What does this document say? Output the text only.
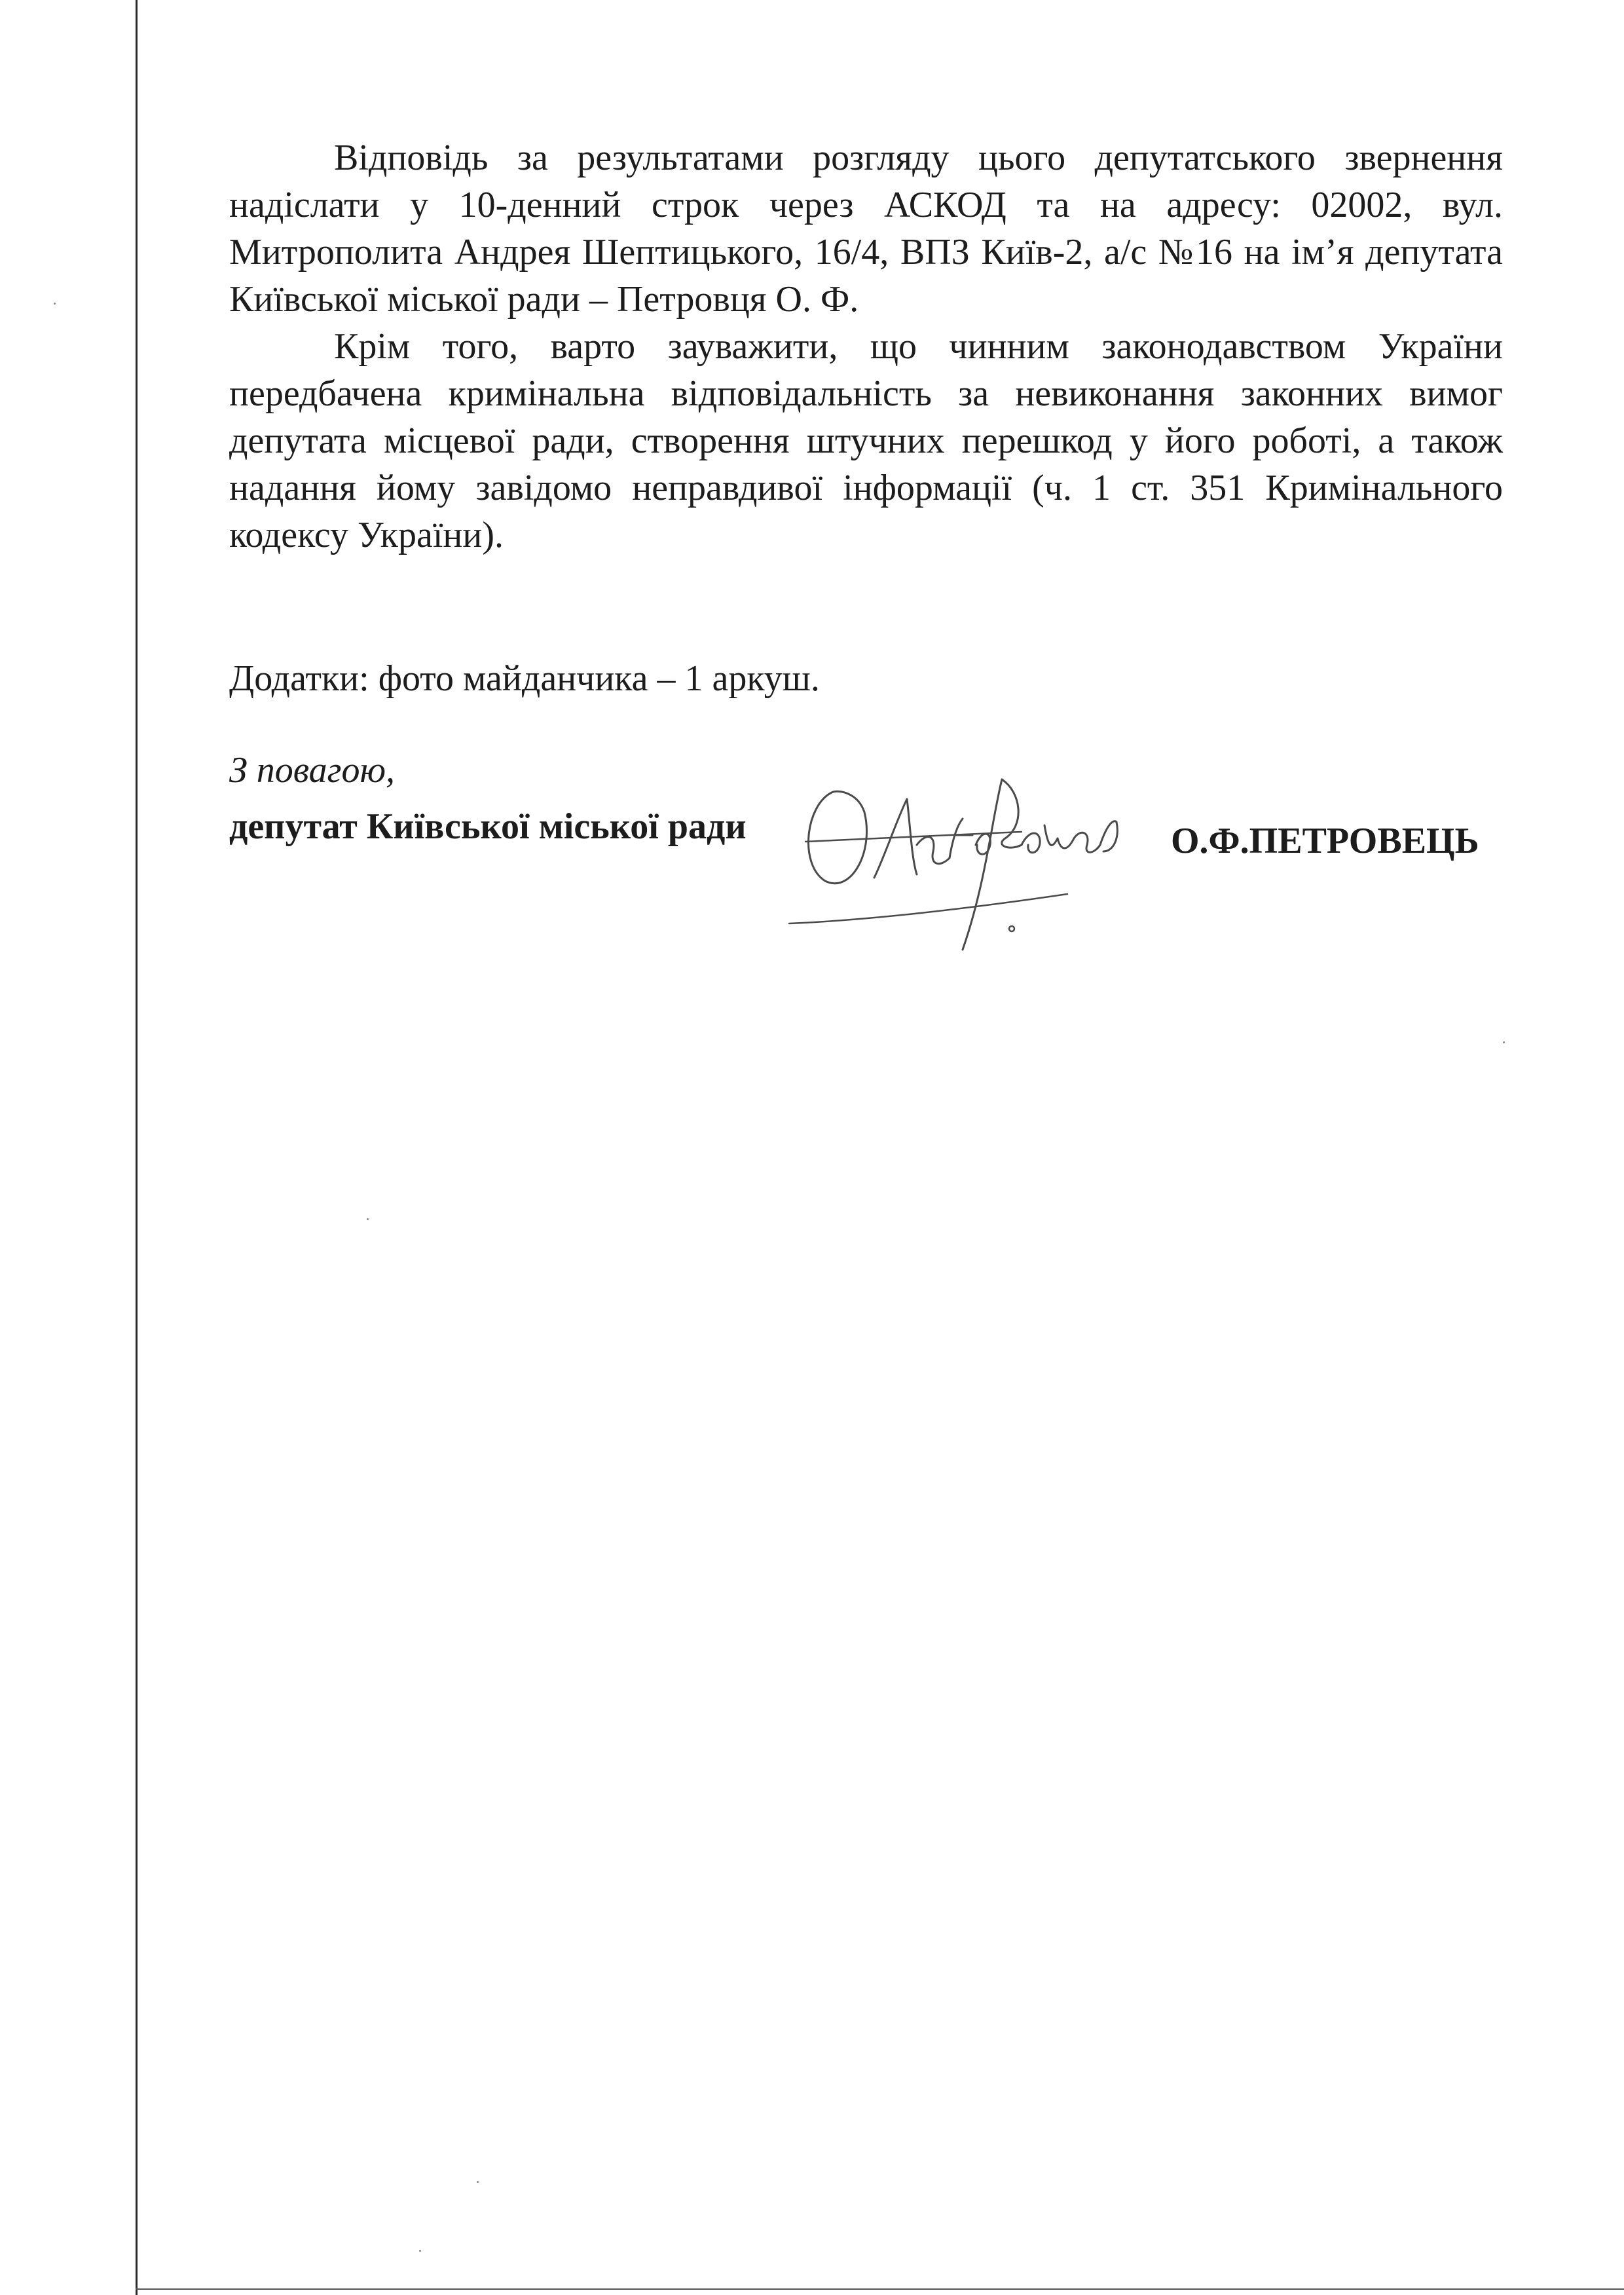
Відповідь за результатами розгляду цього депутатського звернення надіслати у 10-денний строк через АСКОД та на адресу: 02002, вул. Митрополита Андрея Шептицького, 16/4, ВПЗ Київ-2, а/с №16 на ім’я депутата Київської міської ради – Петровця О. Ф.

Крім того, варто зауважити, що чинним законодавством України передбачена кримінальна відповідальність за невиконання законних вимог депутата місцевої ради, створення штучних перешкод у його роботі, а також надання йому завідомо неправдивої інформації (ч. 1 ст. 351 Кримінального кодексу України).

Додатки: фото майданчика – 1 аркуш.

З повагою,

депутат Київської міської ради	О.Ф.ПЕТРОВЕЦЬ
